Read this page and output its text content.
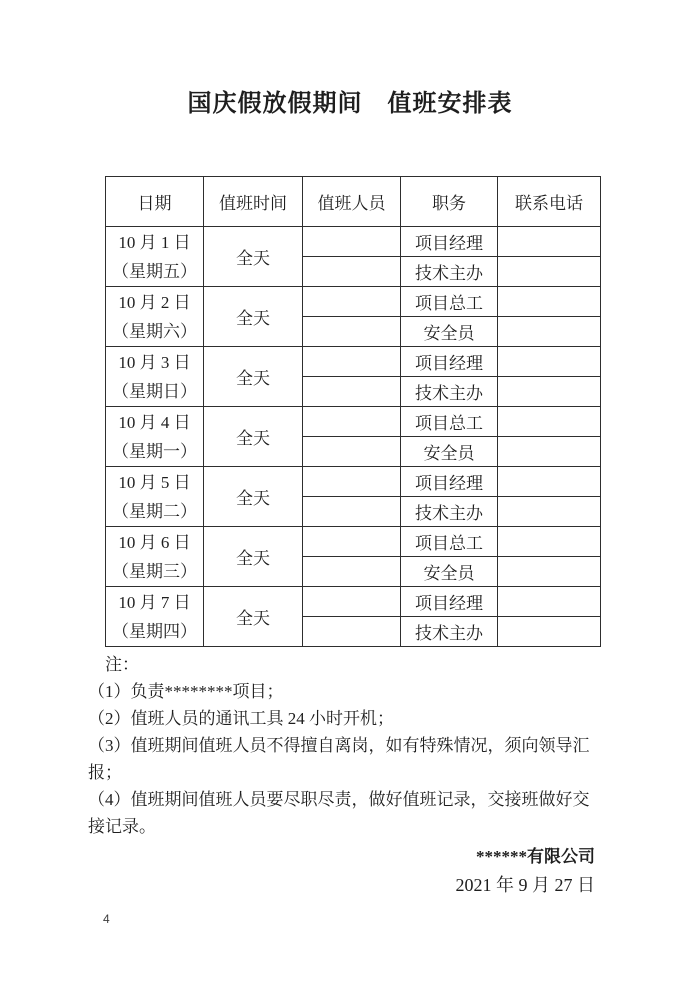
国庆假放假期间　值班安排表
日期	值班时间	值班人员	职务	联系电话

10 月 1 日
（星期五）	全天		项目经理	
			技术主办	

10 月 2 日
（星期六）	全天		项目总工	
			安全员	

10 月 3 日
（星期日）	全天		项目经理	
			技术主办	

10 月 4 日
（星期一）	全天		项目总工	
			安全员	

10 月 5 日
（星期二）	全天		项目经理	
			技术主办	

10 月 6 日
（星期三）	全天		项目总工	
			安全员	

10 月 7 日
（星期四）	全天		项目经理	
			技术主办	

注：

（1）负责********项目；

（2）值班人员的通讯工具 24 小时开机；

（3）值班期间值班人员不得擅自离岗，如有特殊情况，须向领导汇报；

（4）值班期间值班人员要尽职尽责，做好值班记录，交接班做好交接记录。

******有限公司
2021 年 9 月 27 日
4
